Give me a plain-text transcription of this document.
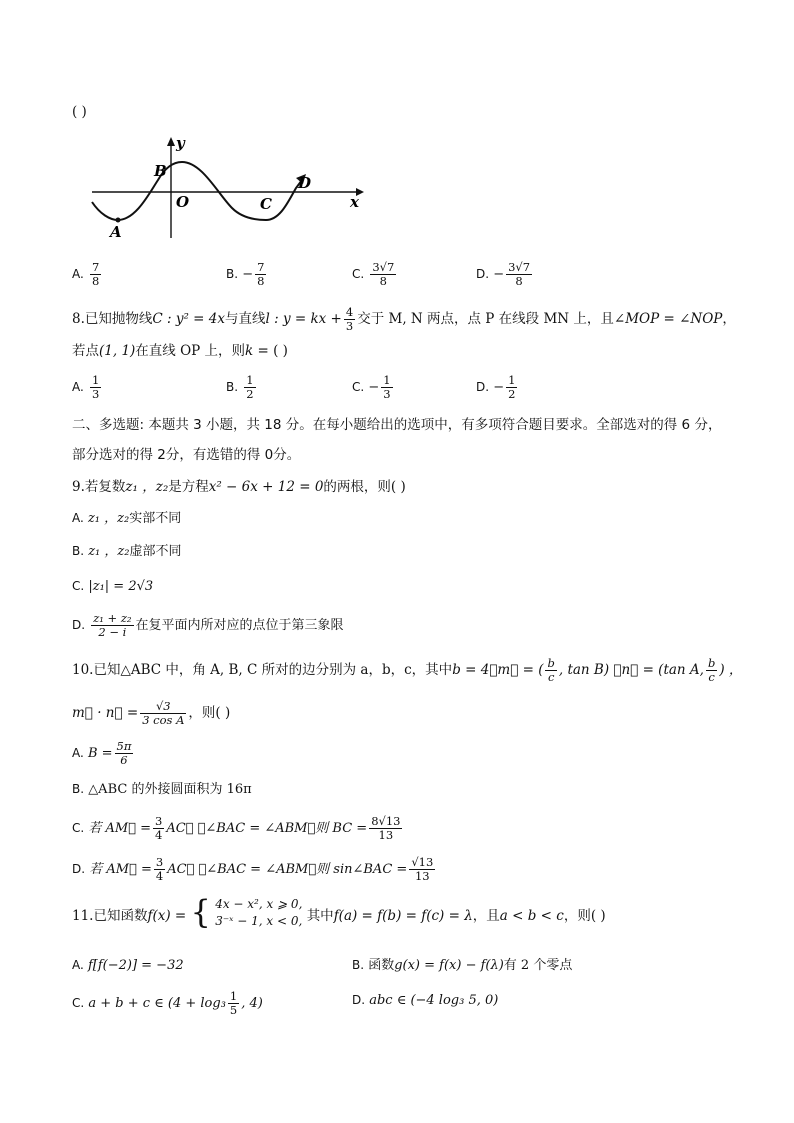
( )
y
x
B
O	C
D
A
A. $\frac{7}{8}$	B. − $\frac{7}{8}$	C. $\frac{3√7}{8}$	D. − $\frac{3√7}{8}$
8.已知抛物线C : y² = 4x与直线l : y = kx + $\frac{4}{3}$ 交于 M, N 两点，点 P 在线段 MN 上，且∠MOP = ∠NOP，
若点(1, 1)在直线 OP 上，则k = ( )
A. $\frac{1}{3}$	B. $\frac{1}{2}$	C. − $\frac{1}{3}$	D. − $\frac{1}{2}$
二、多选题: 本题共 3 小题，共 18 分。在每小题给出的选项中，有多项符合题目要求。全部选对的得 6 分，
部分选对的得 2分，有选错的得 0分。
9.若复数z₁ ，z₂是方程x² − 6x + 12 = 0的两根，则( )
A. z₁ ，z₂实部不同
B. z₁ ，z₂虚部不同
C. |z₁| = 2√3
D. $\frac{\text{z₁ + z₂}}{2 - i}$ 在复平面内所对应的点位于第三象限
10.已知△ABC 中，角 A, B, C 所对的边分别为 a，b，c，其中b = 4，m⃗ = ( $\frac{b}{c}$ , tan B) ，n⃗ = (tan A, $\frac{b}{c}$ ) ，
m⃗ · n⃗ = $\frac{√3}{\text{3 cos A}}$ ，则( )
A. $B = \frac{5\pi}{6}$
B. △ABC 的外接圆面积为 16π
C. 若 AM⃗ = $\frac{3}{4}$ AC⃗ ，∠BAC = ∠ABM，则 BC = $\frac{8√13}{13}$
D. 若 AM⃗ = $\frac{3}{4}$ AC⃗ ，∠BAC = ∠ABM，则 sin∠BAC = $\frac{√13}{13}$
11.已知函数f(x) = { 4x − x², x ⩾ 0,
3⁻ˣ − 1, x < 0, 其中f(a) = f(b) = f(c) = λ，且a < b < c，则( )
A. f[f(−2)] = −32	B. 函数g(x) = f(x) − f(λ)有 2 个零点
C. a + b + c ∈ ($4 + \log_3 \frac{1}{5}$ , 4)	D. abc ∈ (−4 log₃ 5, 0)
